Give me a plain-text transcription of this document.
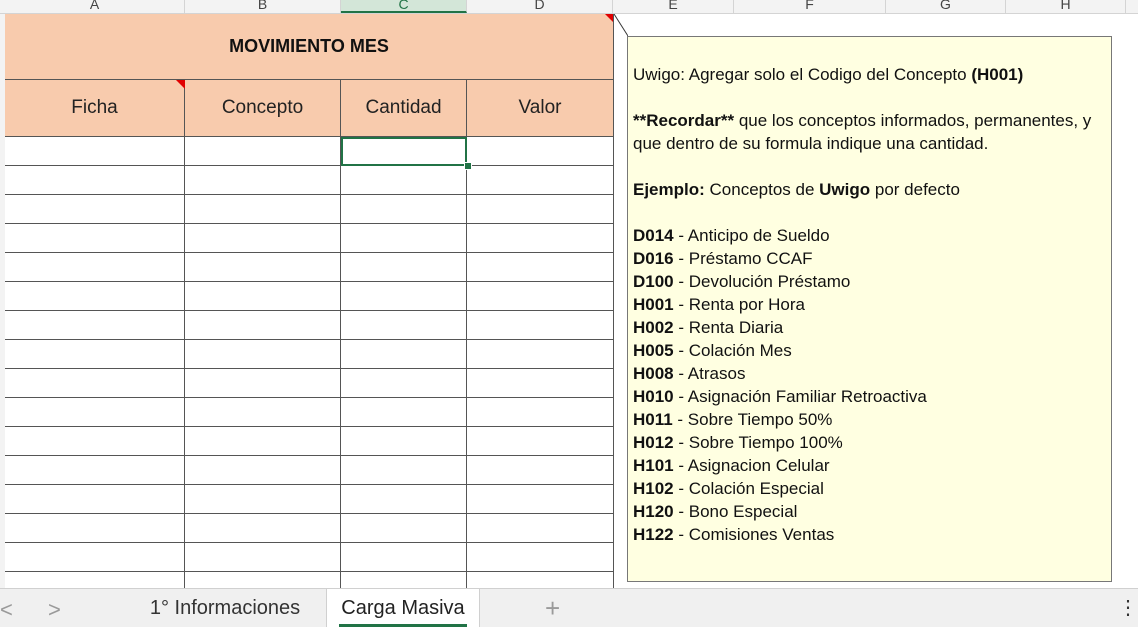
A	B	C	D	E	F	G	H
MOVIMIENTO MES
Ficha	Concepto	Cantidad	Valor

Uwigo: Agregar solo el Codigo del Concepto (H001)

**Recordar** que los conceptos informados, permanentes, y que dentro de su formula indique una cantidad.

Ejemplo: Conceptos de Uwigo por defecto

D014 - Anticipo de Sueldo

D016 - Préstamo CCAF

D100 - Devolución Préstamo

H001 - Renta por Hora

H002 - Renta Diaria

H005 - Colación Mes

H008 - Atrasos

H010 - Asignación Familiar Retroactiva

H011 - Sobre Tiempo 50%

H012 - Sobre Tiempo 100%

H101 - Asignacion Celular

H102 - Colación Especial

H120 - Bono Especial

H122 - Comisiones Ventas

< >	1° Informaciones	Carga Masiva	+	⋮
